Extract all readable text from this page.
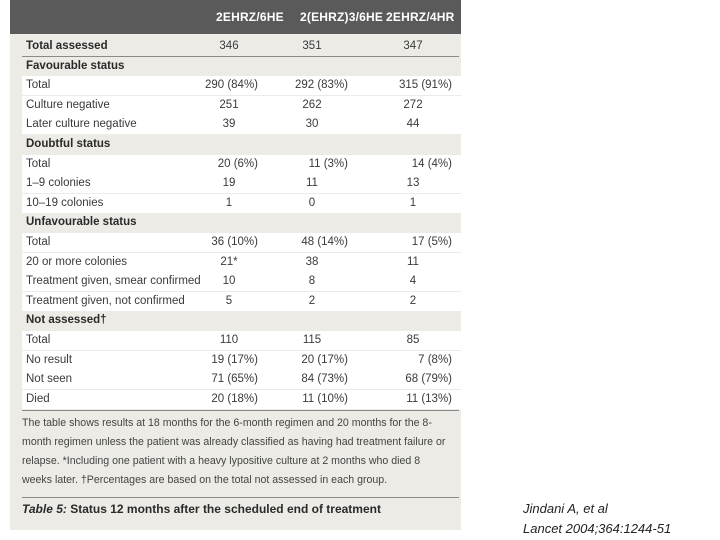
2EHRZ/6HE 2(EHRZ)3/6HE 2EHRZ/4HR
Total assessed	346	351	347
Favourable status
Total	290 (84%)	292 (83%)	315 (91%)
Culture negative	251	262	272
Later culture negative	39	30	44
Doubtful status
Total	20 (6%)	11 (3%)	14 (4%)
1–9 colonies	19	11	13
10–19 colonies	1	0	1
Unfavourable status
Total	36 (10%)	48 (14%)	17 (5%)
20 or more colonies	21*	38	11
Treatment given, smear confirmed	10	8	4
Treatment given, not confirmed	5	2	2
Not assessed†
Total	110	115	85
No result	19 (17%)	20 (17%)	7 (8%)
Not seen	71 (65%)	84 (73%)	68 (79%)
Died	20 (18%)	11 (10%)	11 (13%)
The table shows results at 18 months for the 6-month regimen and 20 months for the 8-month regimen unless the patient was already classified as having had treatment failure or relapse. *Including one patient with a heavy lypositive culture at 2 months who died 8 weeks later. †Percentages are based on the total not assessed in each group.
Table 5: Status 12 months after the scheduled end of treatment	Jindani A, et al
Lancet 2004;364:1244-51
